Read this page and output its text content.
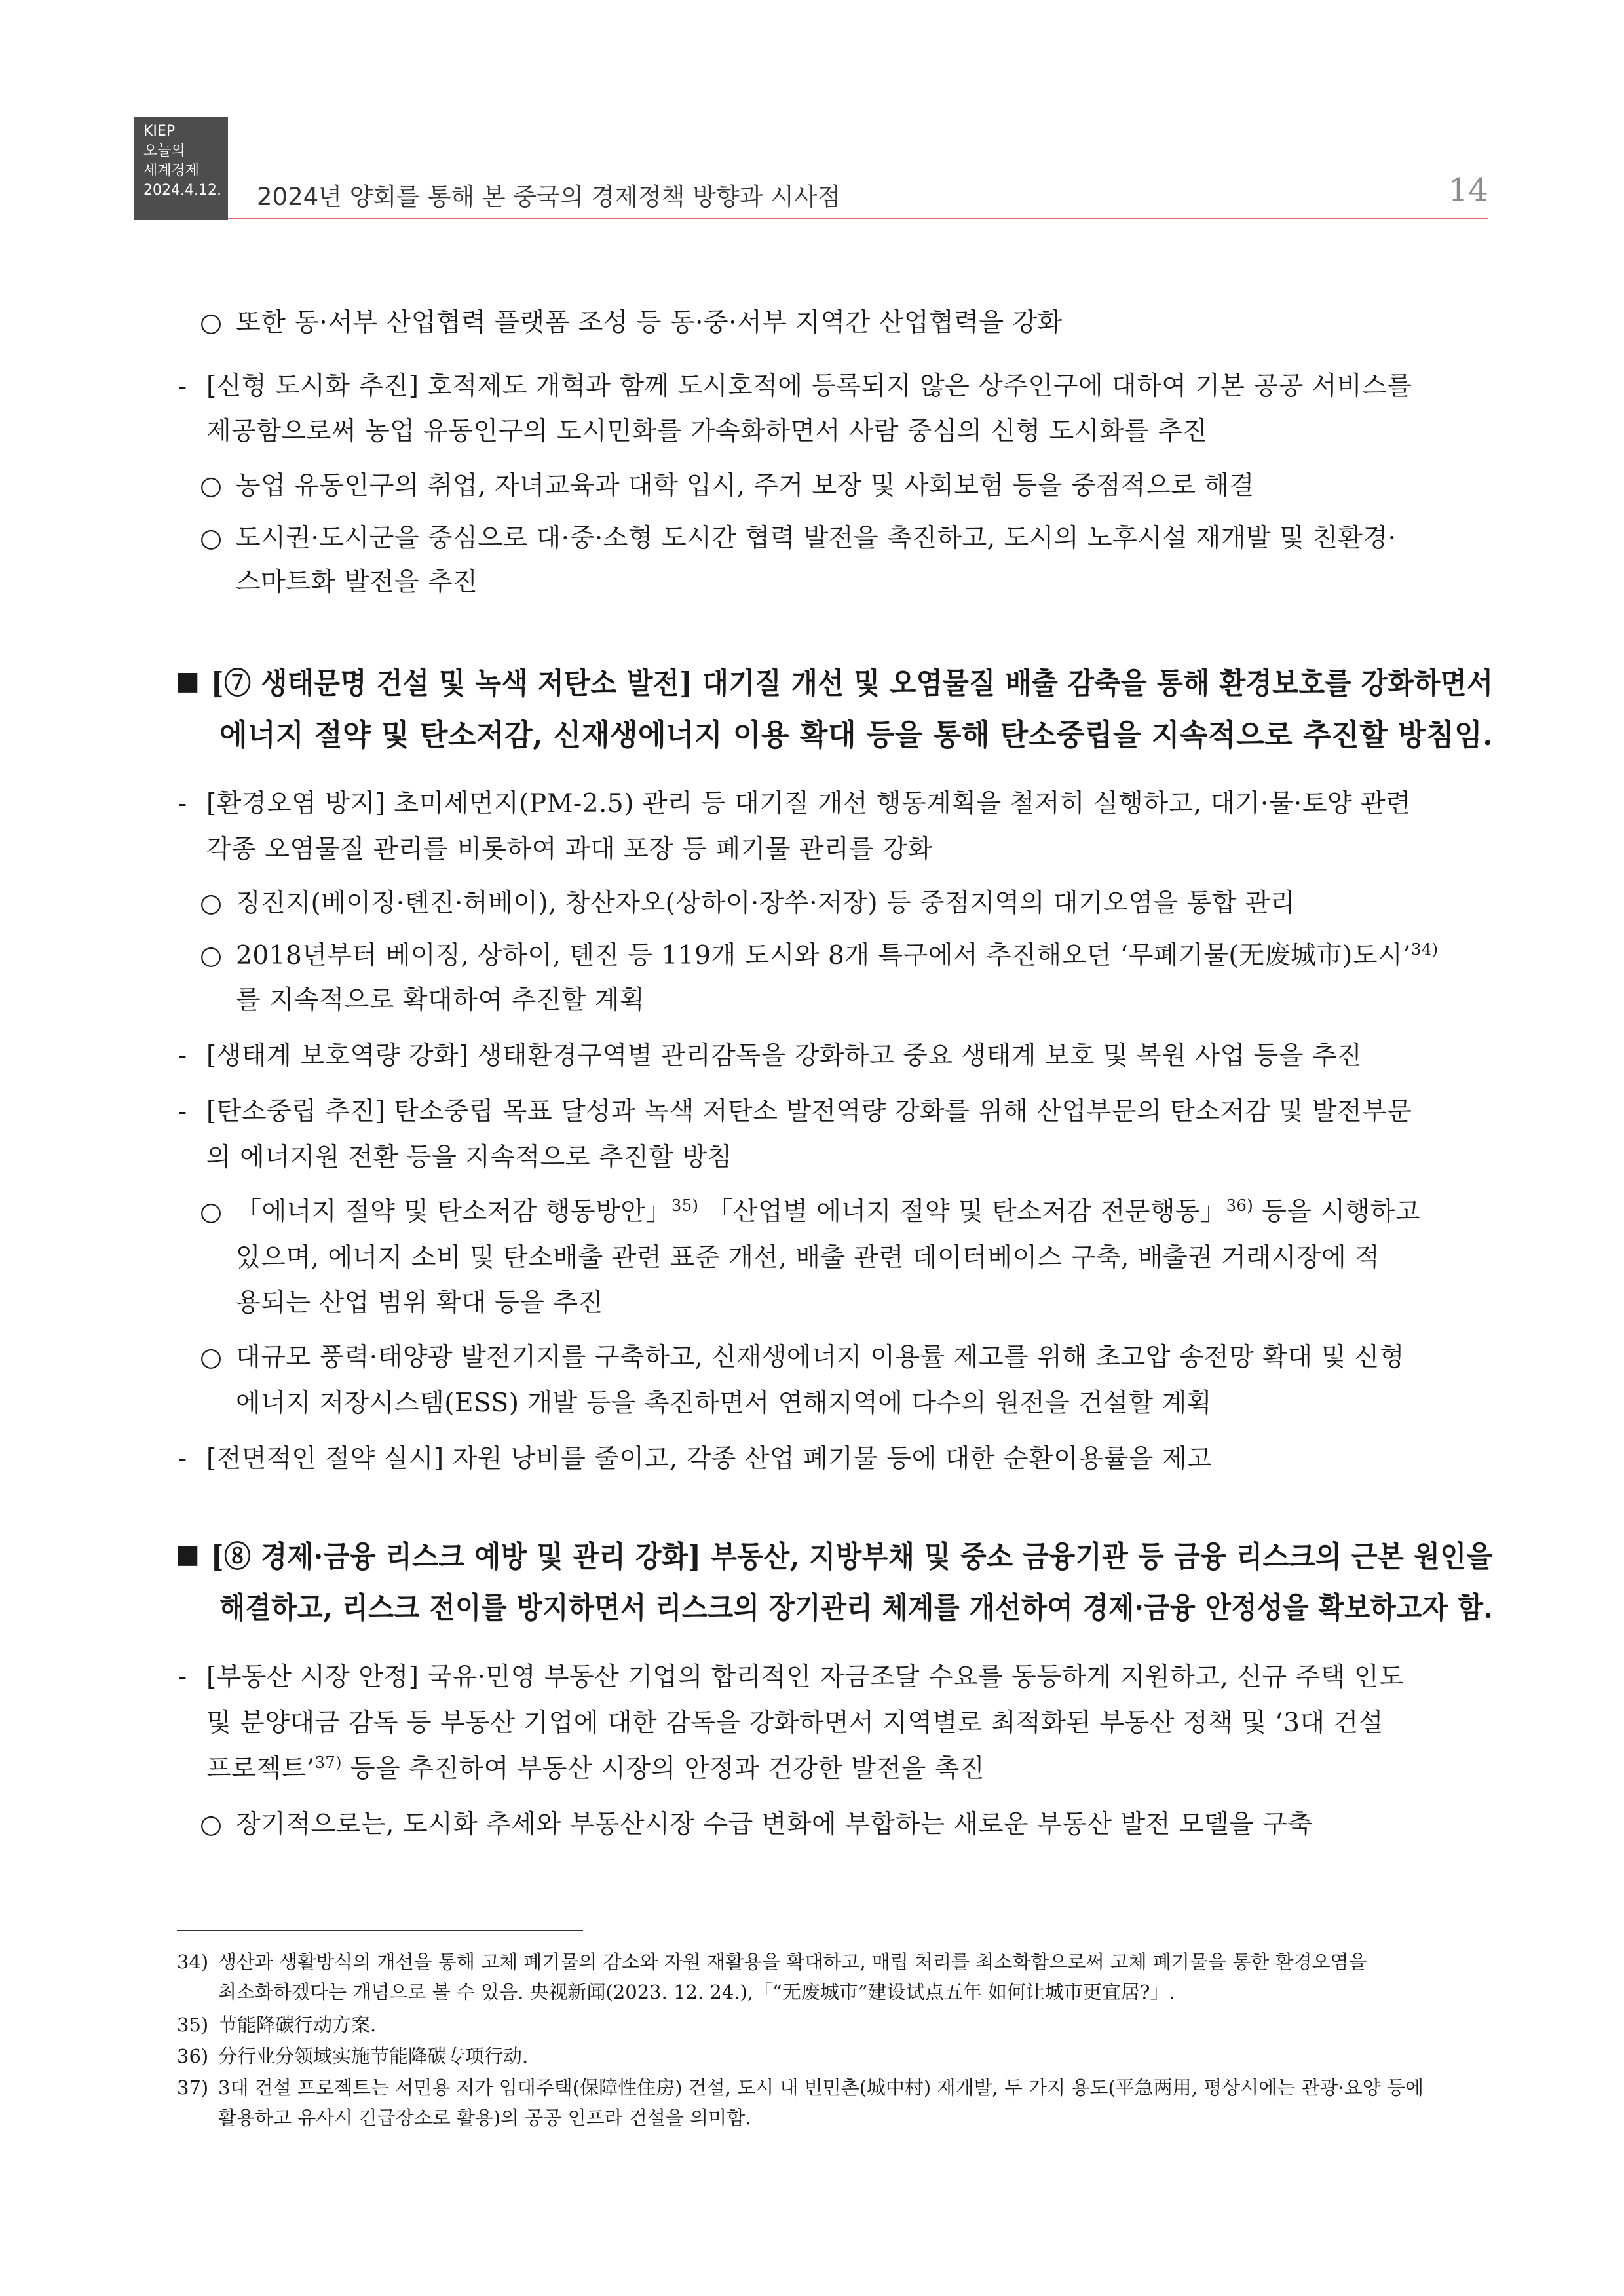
KIEP
오늘의
세계경제
2024.4.12. 2024년 양회를 통해 본 중국의 경제정책 방향과 시사점	14
○ 또한 동·서부 산업협력 플랫폼 조성 등 동·중·서부 지역간 산업협력을 강화
- [신형 도시화 추진] 호적제도 개혁과 함께 도시호적에 등록되지 않은 상주인구에 대하여 기본 공공 서비스를
제공함으로써 농업 유동인구의 도시민화를 가속화하면서 사람 중심의 신형 도시화를 추진
○ 농업 유동인구의 취업, 자녀교육과 대학 입시, 주거 보장 및 사회보험 등을 중점적으로 해결
○ 도시권·도시군을 중심으로 대·중·소형 도시간 협력 발전을 촉진하고, 도시의 노후시설 재개발 및 친환경·
스마트화 발전을 추진
■ [⑦ 생태문명 건설 및 녹색 저탄소 발전] 대기질 개선 및 오염물질 배출 감축을 통해 환경보호를 강화하면서
에너지 절약 및 탄소저감, 신재생에너지 이용 확대 등을 통해 탄소중립을 지속적으로 추진할 방침임.
- [환경오염 방지] 초미세먼지(PM-2.5) 관리 등 대기질 개선 행동계획을 철저히 실행하고, 대기·물·토양 관련
각종 오염물질 관리를 비롯하여 과대 포장 등 폐기물 관리를 강화
○ 징진지(베이징·톈진·허베이), 창산자오(상하이·장쑤·저장) 등 중점지역의 대기오염을 통합 관리
○ 2018년부터 베이징, 상하이, 톈진 등 119개 도시와 8개 특구에서 추진해오던 ‘무폐기물(无废城市)도시’$^{34)}$
를 지속적으로 확대하여 추진할 계획
- [생태계 보호역량 강화] 생태환경구역별 관리감독을 강화하고 중요 생태계 보호 및 복원 사업 등을 추진
- [탄소중립 추진] 탄소중립 목표 달성과 녹색 저탄소 발전역량 강화를 위해 산업부문의 탄소저감 및 발전부문
의 에너지원 전환 등을 지속적으로 추진할 방침
○ 「에너지 절약 및 탄소저감 행동방안」$^{35)}$ 「산업별 에너지 절약 및 탄소저감 전문행동」$^{36)}$ 등을 시행하고
있으며, 에너지 소비 및 탄소배출 관련 표준 개선, 배출 관련 데이터베이스 구축, 배출권 거래시장에 적
용되는 산업 범위 확대 등을 추진
○ 대규모 풍력·태양광 발전기지를 구축하고, 신재생에너지 이용률 제고를 위해 초고압 송전망 확대 및 신형
에너지 저장시스템(ESS) 개발 등을 촉진하면서 연해지역에 다수의 원전을 건설할 계획
- [전면적인 절약 실시] 자원 낭비를 줄이고, 각종 산업 폐기물 등에 대한 순환이용률을 제고
■ [⑧ 경제·금융 리스크 예방 및 관리 강화] 부동산, 지방부채 및 중소 금융기관 등 금융 리스크의 근본 원인을
해결하고, 리스크 전이를 방지하면서 리스크의 장기관리 체계를 개선하여 경제·금융 안정성을 확보하고자 함.
- [부동산 시장 안정] 국유·민영 부동산 기업의 합리적인 자금조달 수요를 동등하게 지원하고, 신규 주택 인도
및 분양대금 감독 등 부동산 기업에 대한 감독을 강화하면서 지역별로 최적화된 부동산 정책 및 ‘3대 건설
프로젝트’$^{37)}$ 등을 추진하여 부동산 시장의 안정과 건강한 발전을 촉진
○ 장기적으로는, 도시화 추세와 부동산시장 수급 변화에 부합하는 새로운 부동산 발전 모델을 구축
34) 생산과 생활방식의 개선을 통해 고체 폐기물의 감소와 자원 재활용을 확대하고, 매립 처리를 최소화함으로써 고체 폐기물을 통한 환경오염을
최소화하겠다는 개념으로 볼 수 있음. 央视新闻(2023. 12. 24.),「“无废城市”建设试点五年 如何让城市更宜居?」.
35) 节能降碳行动方案.
36) 分行业分领域实施节能降碳专项行动.
37) 3대 건설 프로젝트는 서민용 저가 임대주택(保障性住房) 건설, 도시 내 빈민촌(城中村) 재개발, 두 가지 용도(平急两用, 평상시에는 관광·요양 등에
활용하고 유사시 긴급장소로 활용)의 공공 인프라 건설을 의미함.
